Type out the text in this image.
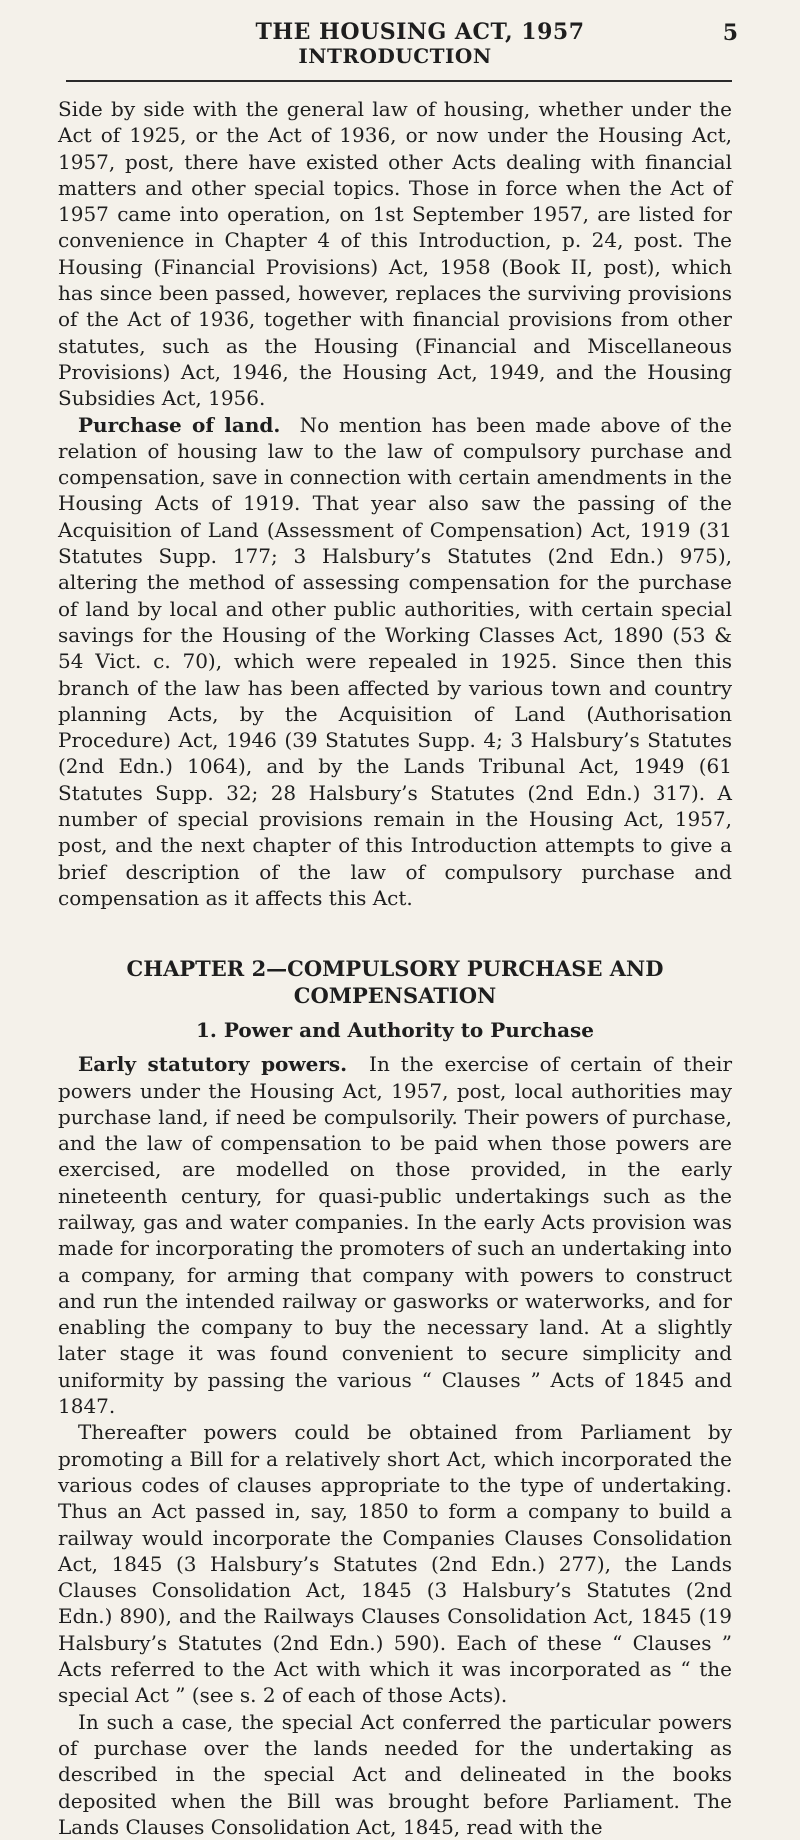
THE HOUSING ACT, 1957
INTRODUCTION
5

Side by side with the general law of housing, whether under the Act of 1925, or the Act of 1936, or now under the Housing Act, 1957, post, there have existed other Acts dealing with financial matters and other special topics. Those in force when the Act of 1957 came into operation, on 1st September 1957, are listed for convenience in Chapter 4 of this Introduction, p. 24, post. The Housing (Financial Provisions) Act, 1958 (Book II, post), which has since been passed, however, replaces the surviving provisions of the Act of 1936, together with financial provisions from other statutes, such as the Housing (Financial and Miscellaneous Provisions) Act, 1946, the Housing Act, 1949, and the Housing Subsidies Act, 1956.

Purchase of land. No mention has been made above of the relation of housing law to the law of compulsory purchase and compensation, save in connection with certain amendments in the Housing Acts of 1919. That year also saw the passing of the Acquisition of Land (Assessment of Compensation) Act, 1919 (31 Statutes Supp. 177; 3 Halsbury’s Statutes (2nd Edn.) 975), altering the method of assessing compensation for the purchase of land by local and other public authorities, with certain special savings for the Housing of the Working Classes Act, 1890 (53 & 54 Vict. c. 70), which were repealed in 1925. Since then this branch of the law has been affected by various town and country planning Acts, by the Acquisition of Land (Authorisation Procedure) Act, 1946 (39 Statutes Supp. 4; 3 Halsbury’s Statutes (2nd Edn.) 1064), and by the Lands Tribunal Act, 1949 (61 Statutes Supp. 32; 28 Halsbury’s Statutes (2nd Edn.) 317). A number of special provisions remain in the Housing Act, 1957, post, and the next chapter of this Introduction attempts to give a brief description of the law of compulsory purchase and compensation as it affects this Act.

CHAPTER 2—COMPULSORY PURCHASE AND
COMPENSATION
1. Power and Authority to Purchase

Early statutory powers. In the exercise of certain of their powers under the Housing Act, 1957, post, local authorities may purchase land, if need be compulsorily. Their powers of purchase, and the law of compensation to be paid when those powers are exercised, are modelled on those provided, in the early nineteenth century, for quasi-public undertakings such as the railway, gas and water companies. In the early Acts provision was made for incorporating the promoters of such an undertaking into a company, for arming that company with powers to construct and run the intended railway or gasworks or waterworks, and for enabling the company to buy the necessary land. At a slightly later stage it was found convenient to secure simplicity and uniformity by passing the various “ Clauses ” Acts of 1845 and 1847.

Thereafter powers could be obtained from Parliament by promoting a Bill for a relatively short Act, which incorporated the various codes of clauses appropriate to the type of undertaking. Thus an Act passed in, say, 1850 to form a company to build a railway would incorporate the Companies Clauses Consolidation Act, 1845 (3 Halsbury’s Statutes (2nd Edn.) 277), the Lands Clauses Consolidation Act, 1845 (3 Halsbury’s Statutes (2nd Edn.) 890), and the Railways Clauses Consolidation Act, 1845 (19 Halsbury’s Statutes (2nd Edn.) 590). Each of these “ Clauses ” Acts referred to the Act with which it was incorporated as “ the special Act ” (see s. 2 of each of those Acts).

In such a case, the special Act conferred the particular powers of purchase over the lands needed for the undertaking as described in the special Act and delineated in the books deposited when the Bill was brought before Parliament. The Lands Clauses Consolidation Act, 1845, read with the
